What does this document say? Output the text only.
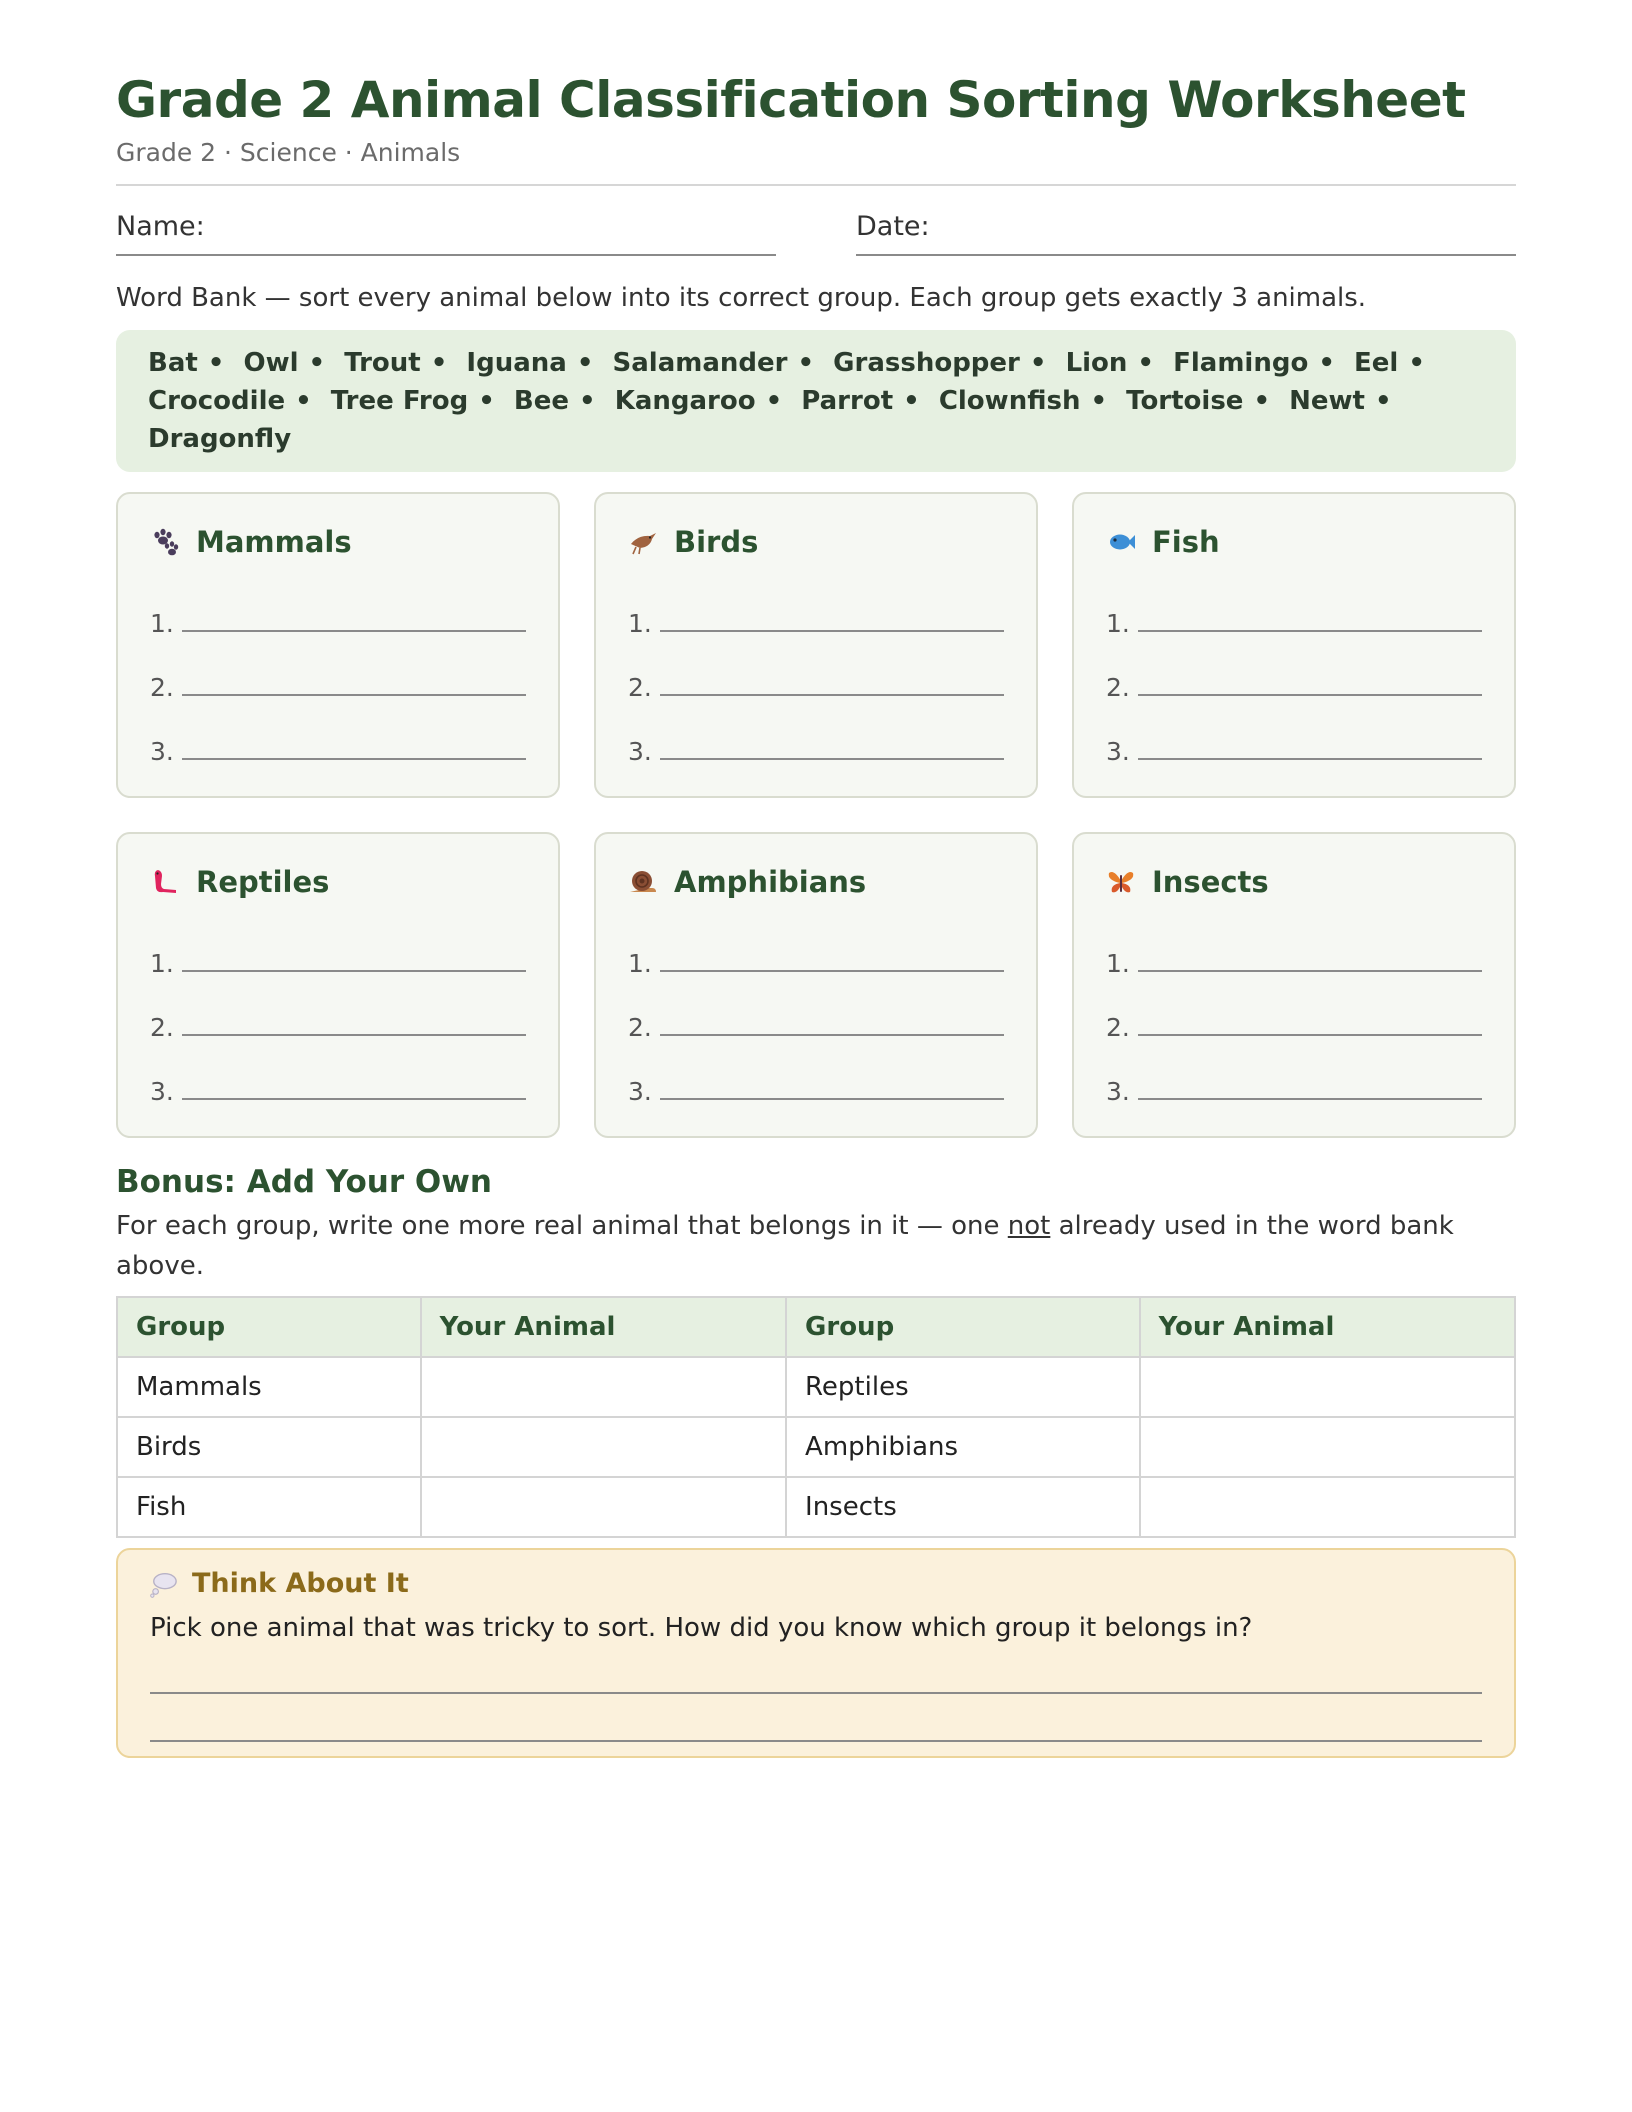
Grade 2 Animal Classification Sorting Worksheet
Grade 2 · Science · Animals
Name:	Date:
Word Bank — sort every animal below into its correct group. Each group gets exactly 3 animals.
Bat • Owl • Trout • Iguana • Salamander • Grasshopper • Lion • Flamingo • Eel • Crocodile • Tree Frog • Bee • Kangaroo • Parrot • Clownfish • Tortoise • Newt • Dragonfly
Mammals
1.
2.
3.
Birds
1.
2.
3.
Fish
1.
2.
3.
Reptiles
1.
2.
3.
Amphibians
1.
2.
3.
Insects
1.
2.
3.
Bonus: Add Your Own
For each group, write one more real animal that belongs in it — one not already used in the word bank above.
Group	Your Animal	Group	Your Animal
Mammals		Reptiles	
Birds		Amphibians	
Fish		Insects	
Think About It
Pick one animal that was tricky to sort. How did you know which group it belongs in?
